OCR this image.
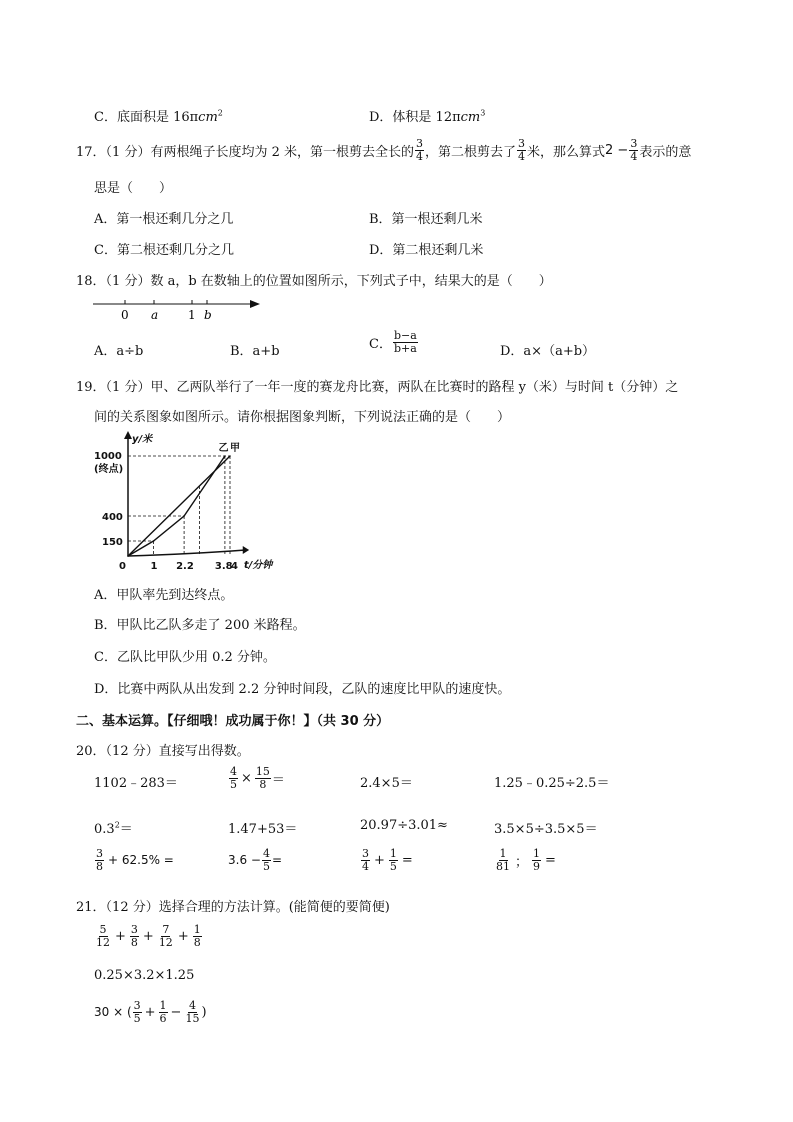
C．底面积是 16πcm$^2$	D．体积是 12πcm$^3$
17．（1 分）有两根绳子长度均为 2 米，第一根剪去全长的 $\frac{3}{4}$ ，第二根剪去了 $\frac{3}{4}$ 米，那么算式 $2 - \frac{3}{4}$ 表示的意
思是（　　）
A．第一根还剩几分之几	B．第一根还剩几米
C．第二根还剩几分之几	D．第二根还剩几米
18．（1 分）数 a，b 在数轴上的位置如图所示，下列式子中，结果大的是（　　）
0 a 1 b
A．a÷b	B．a+b	C． $\frac{b-a}{b+a}$	D．a×（a+b）
19．（1 分）甲、乙两队举行了一年一度的赛龙舟比赛，两队在比赛时的路程 y（米）与时间 t（分钟）之
间的关系图象如图所示。请你根据图象判断，下列说法正确的是（　　）
乙 甲
1000
(终点)
400
150
0 1 2.2 3.8
4
y/米
t/分钟
A．甲队率先到达终点。
B．甲队比乙队多走了 200 米路程。
C．乙队比甲队少用 0.2 分钟。
D．比赛中两队从出发到 2.2 分钟时间段，乙队的速度比甲队的速度快。
二、基本运算。【仔细哦！成功属于你！】（共 30 分）
20．（12 分）直接写出得数。
1102﹣283＝	$\frac{4}{5} \times \frac{15}{8}$ ＝	2.4×5＝	1.25﹣0.25÷2.5＝
$0.3^2=$	1.47+53＝	20.97÷3.01≈	3.5×5÷3.5×5＝
$\frac{3}{8} + 62.5\%$ =	$3.6 - \frac{4}{5}$ =	$\frac{3}{4} + \frac{1}{5}$ =	$\frac{1}{81}$ ； $\frac{1}{9}$ =
21．（12 分）选择合理的方法计算。(能简便的要简便)
$\frac{5}{12} + \frac{3}{8} + \frac{7}{12} + \frac{1}{8}$
0.25×3.2×1.25
30 × ( $\frac{3}{5} + \frac{1}{6} - \frac{4}{15}$ )
